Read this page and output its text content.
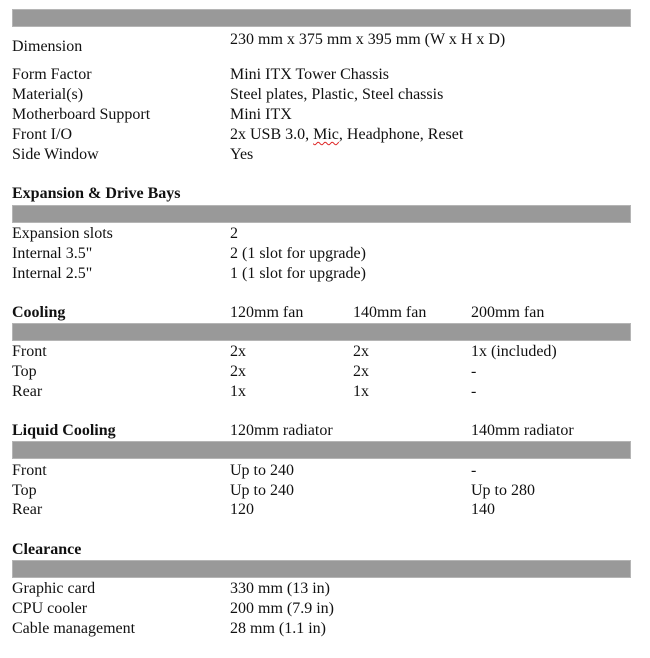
Dimension	230 mm x 375 mm x 395 mm (W x H x D)
Form Factor	Mini ITX Tower Chassis
Material(s)	Steel plates, Plastic, Steel chassis
Motherboard Support	Mini ITX
Front I/O	2x USB 3.0, Mic, Headphone, Reset
Side Window	Yes
Expansion & Drive Bays
Expansion slots	2
Internal 3.5"	2 (1 slot for upgrade)
Internal 2.5"	1 (1 slot for upgrade)
Cooling	120mm fan	140mm fan	200mm fan
Front	2x	2x	1x (included)
Top	2x	2x	-
Rear	1x	1x	-
Liquid Cooling	120mm radiator	140mm radiator
Front	Up to 240	-
Top	Up to 240	Up to 280
Rear	120	140
Clearance
Graphic card	330 mm (13 in)
CPU cooler	200 mm (7.9 in)
Cable management	28 mm (1.1 in)
